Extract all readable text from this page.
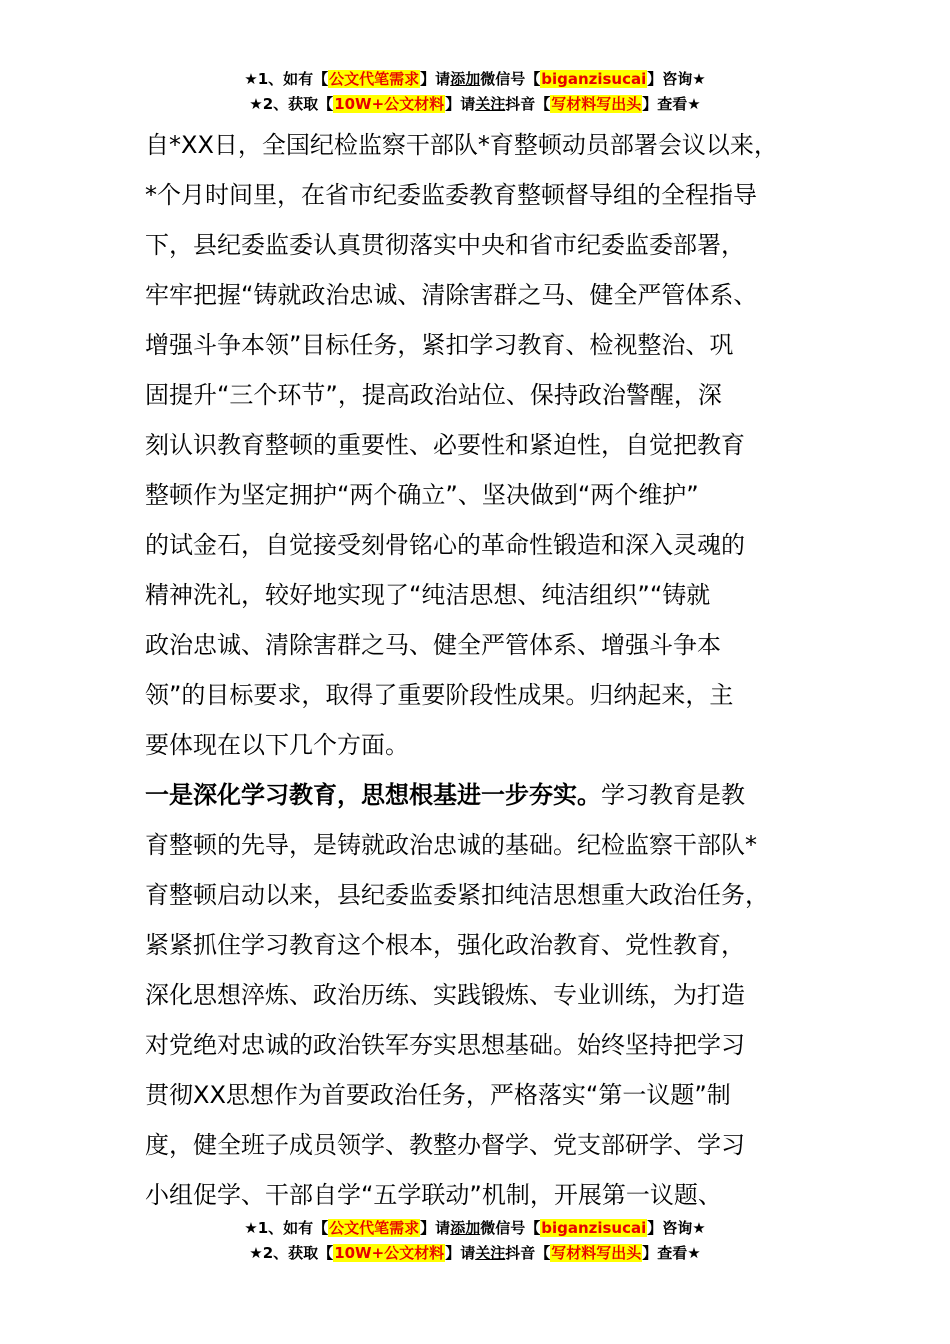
★1、如有【公文代笔需求】请添加微信号【biganzisucai】咨询★
★2、获取【10W+公文材料】请关注抖音【写材料写出头】查看★
自*XX日，全国纪检监察干部队*育整顿动员部署会议以来，
*个月时间里，在省市纪委监委教育整顿督导组的全程指导
下，县纪委监委认真贯彻落实中央和省市纪委监委部署，
牢牢把握“铸就政治忠诚、清除害群之马、健全严管体系、
增强斗争本领”目标任务，紧扣学习教育、检视整治、巩
固提升“三个环节”，提高政治站位、保持政治警醒，深
刻认识教育整顿的重要性、必要性和紧迫性，自觉把教育
整顿作为坚定拥护“两个确立”、坚决做到“两个维护”
的试金石，自觉接受刻骨铭心的革命性锻造和深入灵魂的
精神洗礼，较好地实现了“纯洁思想、纯洁组织”“铸就
政治忠诚、清除害群之马、健全严管体系、增强斗争本
领”的目标要求，取得了重要阶段性成果。归纳起来，主
要体现在以下几个方面。
一是深化学习教育，思想根基进一步夯实。学习教育是教
育整顿的先导，是铸就政治忠诚的基础。纪检监察干部队*
育整顿启动以来，县纪委监委紧扣纯洁思想重大政治任务，
紧紧抓住学习教育这个根本，强化政治教育、党性教育，
深化思想淬炼、政治历练、实践锻炼、专业训练，为打造
对党绝对忠诚的政治铁军夯实思想基础。始终坚持把学习
贯彻XX思想作为首要政治任务，严格落实“第一议题”制
度，健全班子成员领学、教整办督学、党支部研学、学习
小组促学、干部自学“五学联动”机制，开展第一议题、
★1、如有【公文代笔需求】请添加微信号【biganzisucai】咨询★
★2、获取【10W+公文材料】请关注抖音【写材料写出头】查看★
